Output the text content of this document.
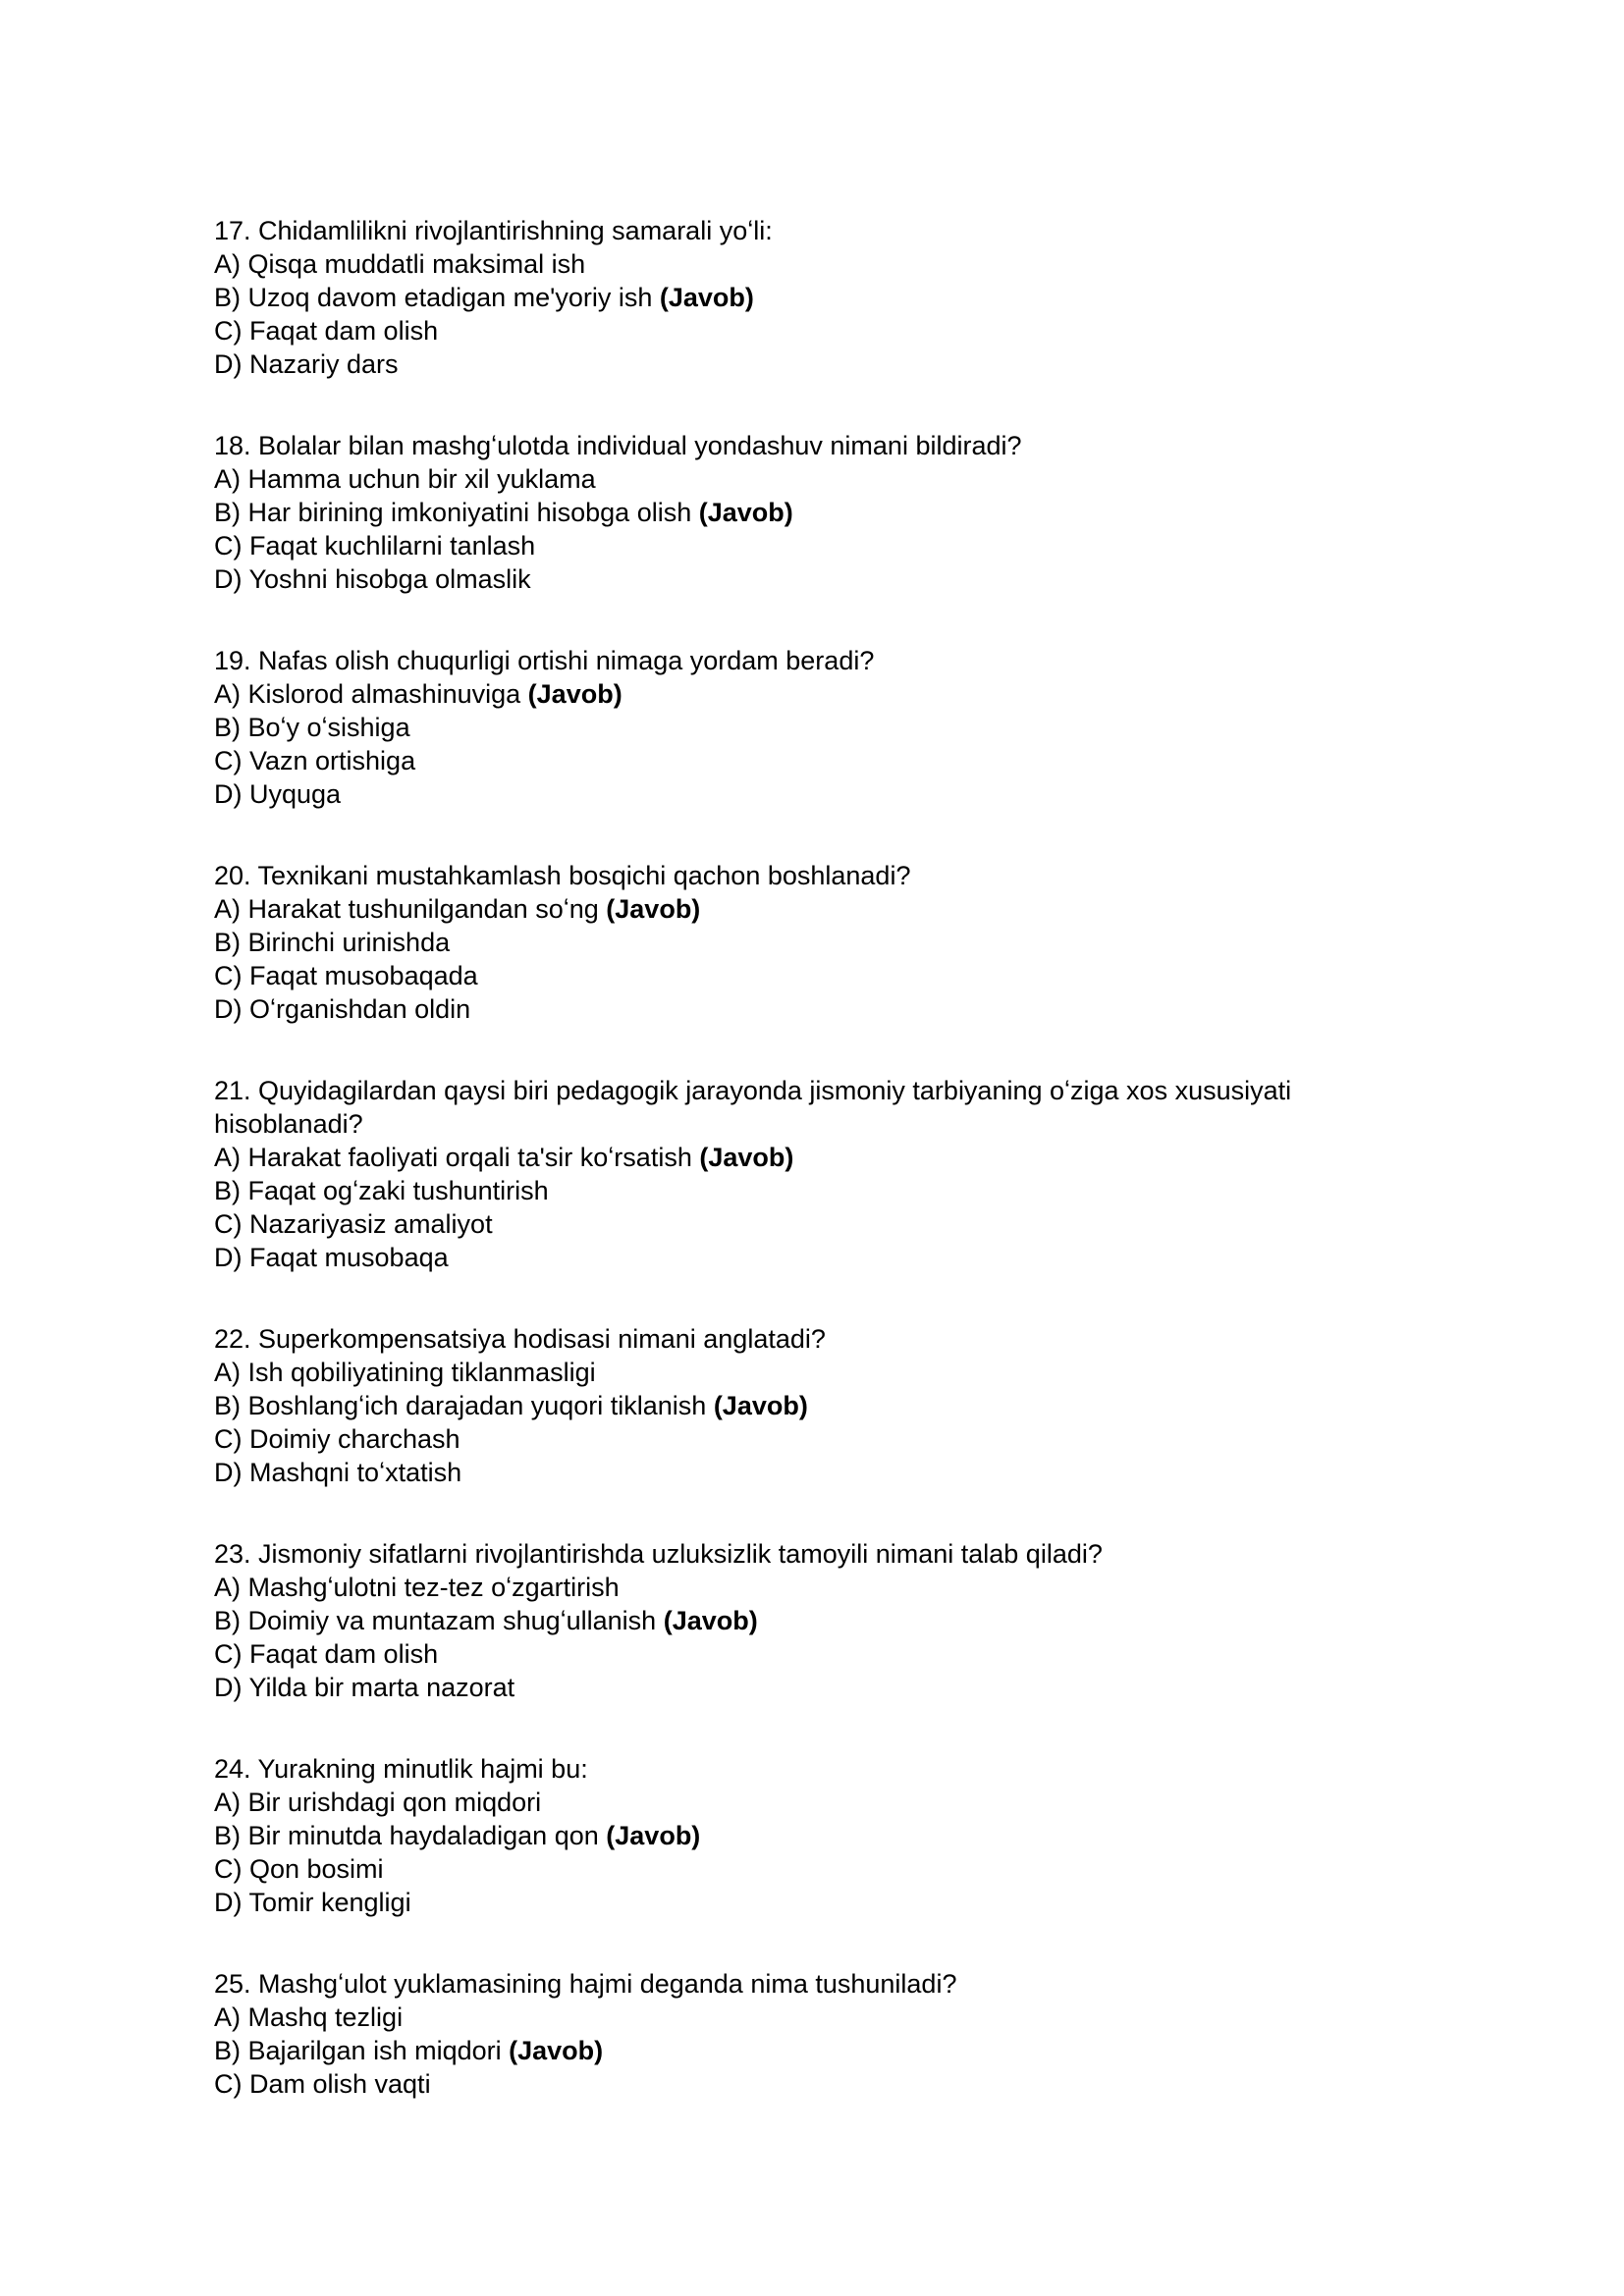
17. Chidamlilikni rivojlantirishning samarali yoʻli:

A) Qisqa muddatli maksimal ish

B) Uzoq davom etadigan me'yoriy ish (Javob)

C) Faqat dam olish

D) Nazariy dars

18. Bolalar bilan mashgʻulotda individual yondashuv nimani bildiradi?

A) Hamma uchun bir xil yuklama

B) Har birining imkoniyatini hisobga olish (Javob)

C) Faqat kuchlilarni tanlash

D) Yoshni hisobga olmaslik

19. Nafas olish chuqurligi ortishi nimaga yordam beradi?

A) Kislorod almashinuviga (Javob)

B) Boʻy oʻsishiga

C) Vazn ortishiga

D) Uyquga

20. Texnikani mustahkamlash bosqichi qachon boshlanadi?

A) Harakat tushunilgandan soʻng (Javob)

B) Birinchi urinishda

C) Faqat musobaqada

D) Oʻrganishdan oldin

21. Quyidagilardan qaysi biri pedagogik jarayonda jismoniy tarbiyaning oʻziga xos xususiyati hisoblanadi?

A) Harakat faoliyati orqali ta'sir koʻrsatish (Javob)

B) Faqat ogʻzaki tushuntirish

C) Nazariyasiz amaliyot

D) Faqat musobaqa

22. Superkompensatsiya hodisasi nimani anglatadi?

A) Ish qobiliyatining tiklanmasligi

B) Boshlangʻich darajadan yuqori tiklanish (Javob)

C) Doimiy charchash

D) Mashqni toʻxtatish

23. Jismoniy sifatlarni rivojlantirishda uzluksizlik tamoyili nimani talab qiladi?

A) Mashgʻulotni tez-tez oʻzgartirish

B) Doimiy va muntazam shugʻullanish (Javob)

C) Faqat dam olish

D) Yilda bir marta nazorat

24. Yurakning minutlik hajmi bu:

A) Bir urishdagi qon miqdori

B) Bir minutda haydaladigan qon (Javob)

C) Qon bosimi

D) Tomir kengligi

25. Mashgʻulot yuklamasining hajmi deganda nima tushuniladi?

A) Mashq tezligi

B) Bajarilgan ish miqdori (Javob)

C) Dam olish vaqti
